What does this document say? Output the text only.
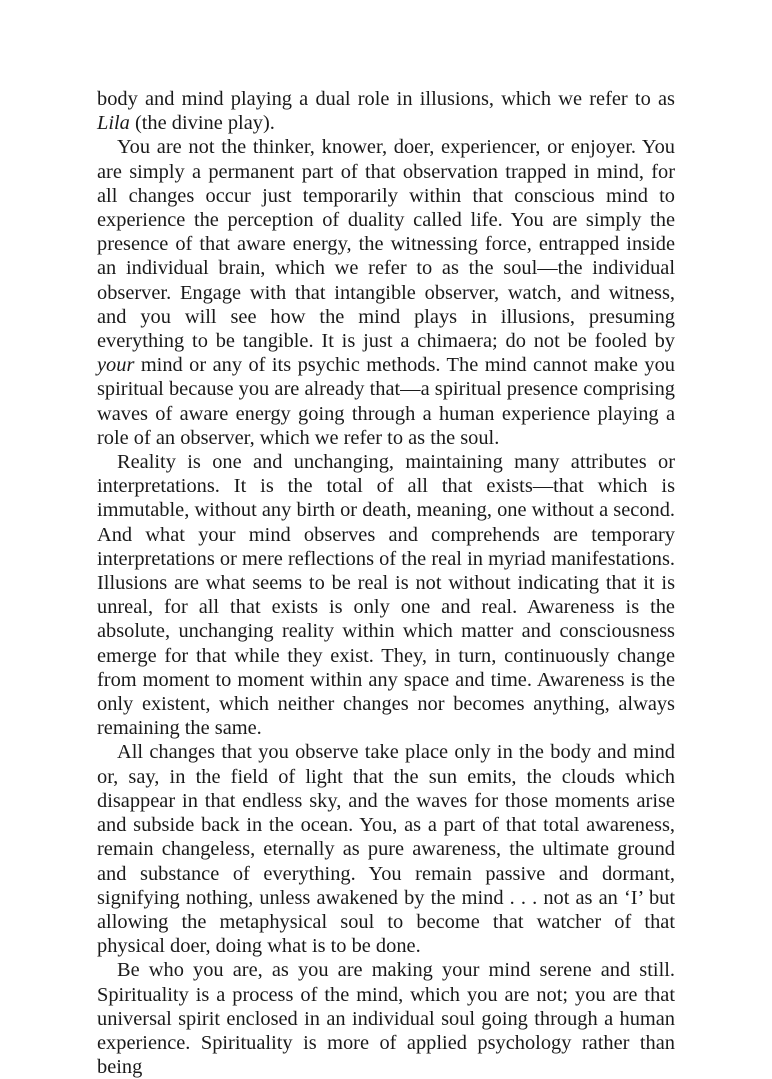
body and mind playing a dual role in illusions, which we refer to as Lila (the divine play).

You are not the thinker, knower, doer, experiencer, or enjoyer. You are simply a permanent part of that observation trapped in mind, for all changes occur just temporarily within that conscious mind to experience the perception of duality called life. You are simply the presence of that aware energy, the witnessing force, entrapped inside an individual brain, which we refer to as the soul—the individual observer. Engage with that intangible observer, watch, and witness, and you will see how the mind plays in illusions, presuming everything to be tangible. It is just a chimaera; do not be fooled by your mind or any of its psychic methods. The mind cannot make you spiritual because you are already that—a spiritual presence comprising waves of aware energy going through a human experience playing a role of an observer, which we refer to as the soul.

Reality is one and unchanging, maintaining many attributes or interpretations. It is the total of all that exists—that which is immutable, without any birth or death, meaning, one without a second. And what your mind observes and comprehends are temporary interpretations or mere reflections of the real in myriad manifestations. Illusions are what seems to be real is not without indicating that it is unreal, for all that exists is only one and real. Awareness is the absolute, unchanging reality within which matter and consciousness emerge for that while they exist. They, in turn, continuously change from moment to moment within any space and time. Awareness is the only existent, which neither changes nor becomes anything, always remaining the same.

All changes that you observe take place only in the body and mind or, say, in the field of light that the sun emits, the clouds which disappear in that endless sky, and the waves for those moments arise and subside back in the ocean. You, as a part of that total awareness, remain changeless, eternally as pure awareness, the ultimate ground and substance of everything. You remain passive and dormant, signifying nothing, unless awakened by the mind . . . not as an ‘I’ but allowing the metaphysical soul to become that watcher of that physical doer, doing what is to be done.

Be who you are, as you are making your mind serene and still. Spirituality is a process of the mind, which you are not; you are that universal spirit enclosed in an individual soul going through a human experience. Spirituality is more of applied psychology rather than being
